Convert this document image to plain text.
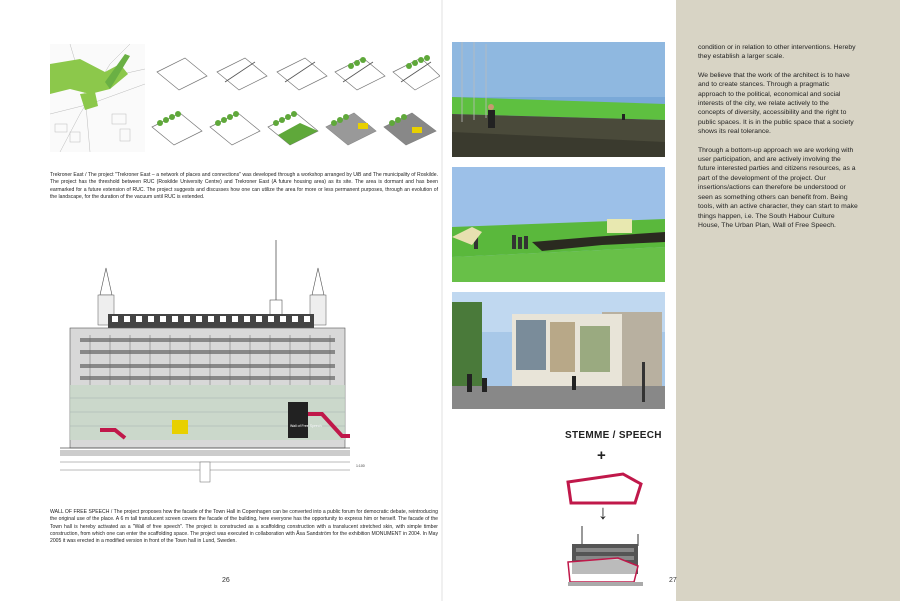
Trekroner East / The project "Trekroner East – a network of places and connections" was developed through a workshop arranged by UiB and The municipality of Roskilde. The project has the threshold between RUC (Roskilde University Centre) and Trekroner East (A future housing area) as its site. The area is dormant and has been earmarked for a future extension of RUC. The project suggests and discusses how one can utilize the area for more or less permanent purposes, through an evolution of the landscape, for the duration of the vacuum until RUC is extended.
Wall of Free Speech
1:100
WALL OF FREE SPEECH / The project proposes how the facade of the Town Hall in Copenhagen can be converted into a public forum for democratic debate, reintroducing the original use of the place. A 6 m tall translucent screen covers the facade of the building, here everyone has the opportunity to express him or herself. The facade of the Town hall is hereby activated as a "Wall of free speech". The project is constructed as a scaffolding construction with a translucent stretched skin, with simple timber construction, from which one can enter the scaffolding space. The project was executed in collaboration with Åsa Sandström for the exhibition MONUMENT in 2004. In May 2005 it was erected in a modified version in front of the Town hall in Lund, Sweden.
26
STEMME / SPEECH
+
↓
27

condition or in relation to other interventions. Hereby they establish a larger scale.

We believe that the work of the architect is to have and to create stances. Through a pragmatic approach to the political, economical and social interests of the city, we relate actively to the concepts of diversity, accessibility and the right to public spaces. It is in the public space that a society shows its real tolerance.

Through a bottom-up approach we are working with user participation, and are actively involving the future interested parties and citizens resources, as a part of the development of the project. Our insertions/actions can therefore be understood or seen as something others can benefit from. Being tools, with an active character, they can start to make things happen, i.e. The South Habour Culture House, The Urban Plan, Wall of Free Speech.
